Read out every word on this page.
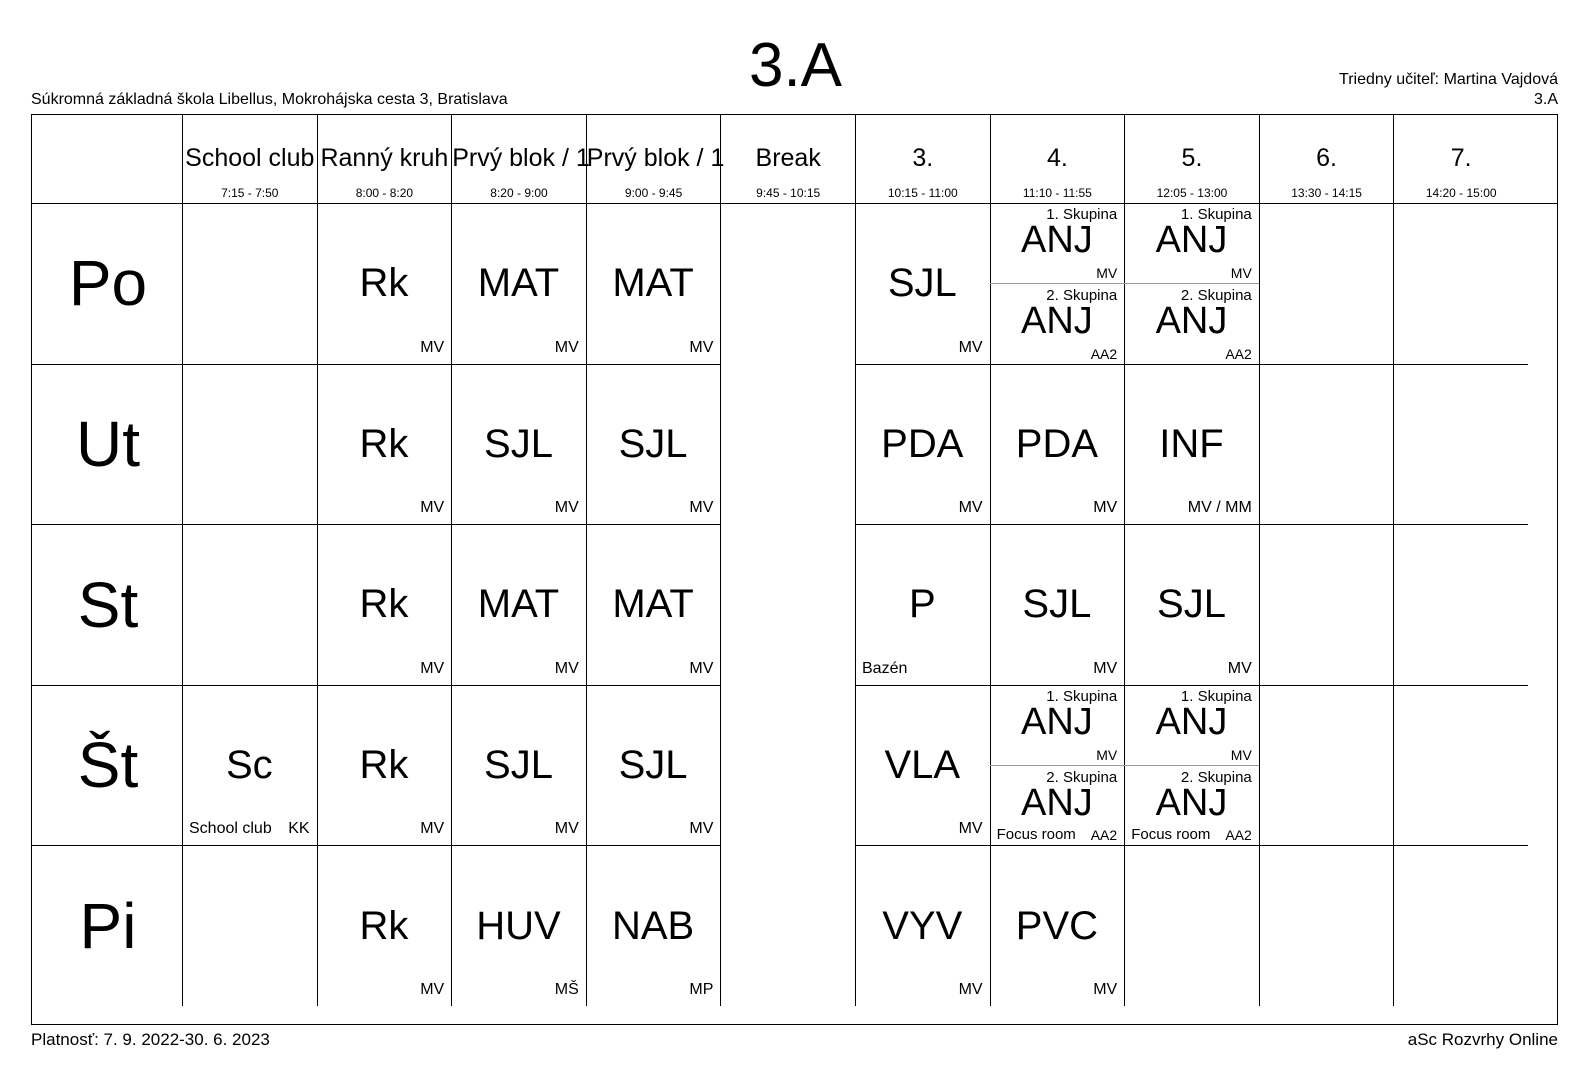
3.A
Súkromná základná škola Libellus, Mokrohájska cesta 3, Bratislava
Triedny učiteľ: Martina Vajdová
3.A
School club
7:15 - 7:50
Ranný kruh
8:00 - 8:20
Prvý blok / 1
8:20 - 9:00
Prvý blok / 1
9:00 - 9:45
Break
9:45 - 10:15
3.
10:15 - 11:00
4.
11:10 - 11:55
5.
12:05 - 13:00
6.
13:30 - 14:15
7.
14:20 - 15:00
Po
Ut
St
Št
Pi
Rk
MV
MAT
MV
MAT
MV
SJL
MV
1. Skupina
ANJ
MV
2. Skupina
ANJ
AA2
1. Skupina
ANJ
MV
2. Skupina
ANJ
AA2
Rk
MV
SJL
MV
SJL
MV
PDA
MV
PDA
MV
INF
MV / MM
Rk
MV
MAT
MV
MAT
MV
P
Bazén
SJL
MV
SJL
MV
Sc
School club KK
Rk
MV
SJL
MV
SJL
MV
VLA
MV
1. Skupina
ANJ
MV
2. Skupina
ANJ
Focus room AA2
1. Skupina
ANJ
MV
2. Skupina
ANJ
Focus room AA2
Rk
MV
HUV
MŠ
NAB
MP
VYV
MV
PVC
MV
Platnosť: 7. 9. 2022-30. 6. 2023	aSc Rozvrhy Online
